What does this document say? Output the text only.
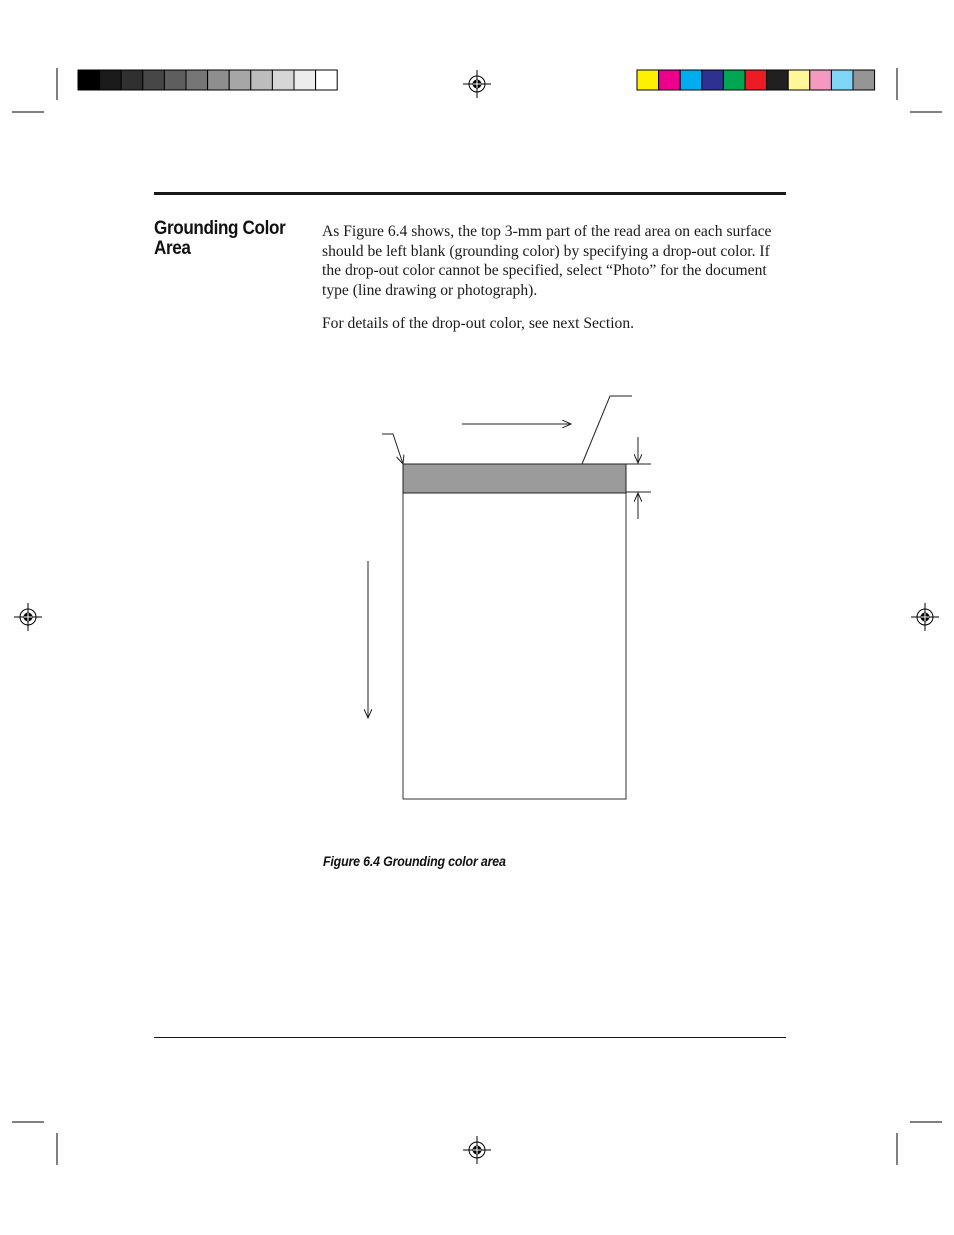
Grounding Color Area

As Figure 6.4 shows, the top 3-mm part of the read area on each surface should be left blank (grounding color) by specifying a drop-out color. If the drop-out color cannot be specified, select “Photo” for the document type (line drawing or photograph).

For details of the drop-out color, see next Section.

Figure 6.4 Grounding color area
